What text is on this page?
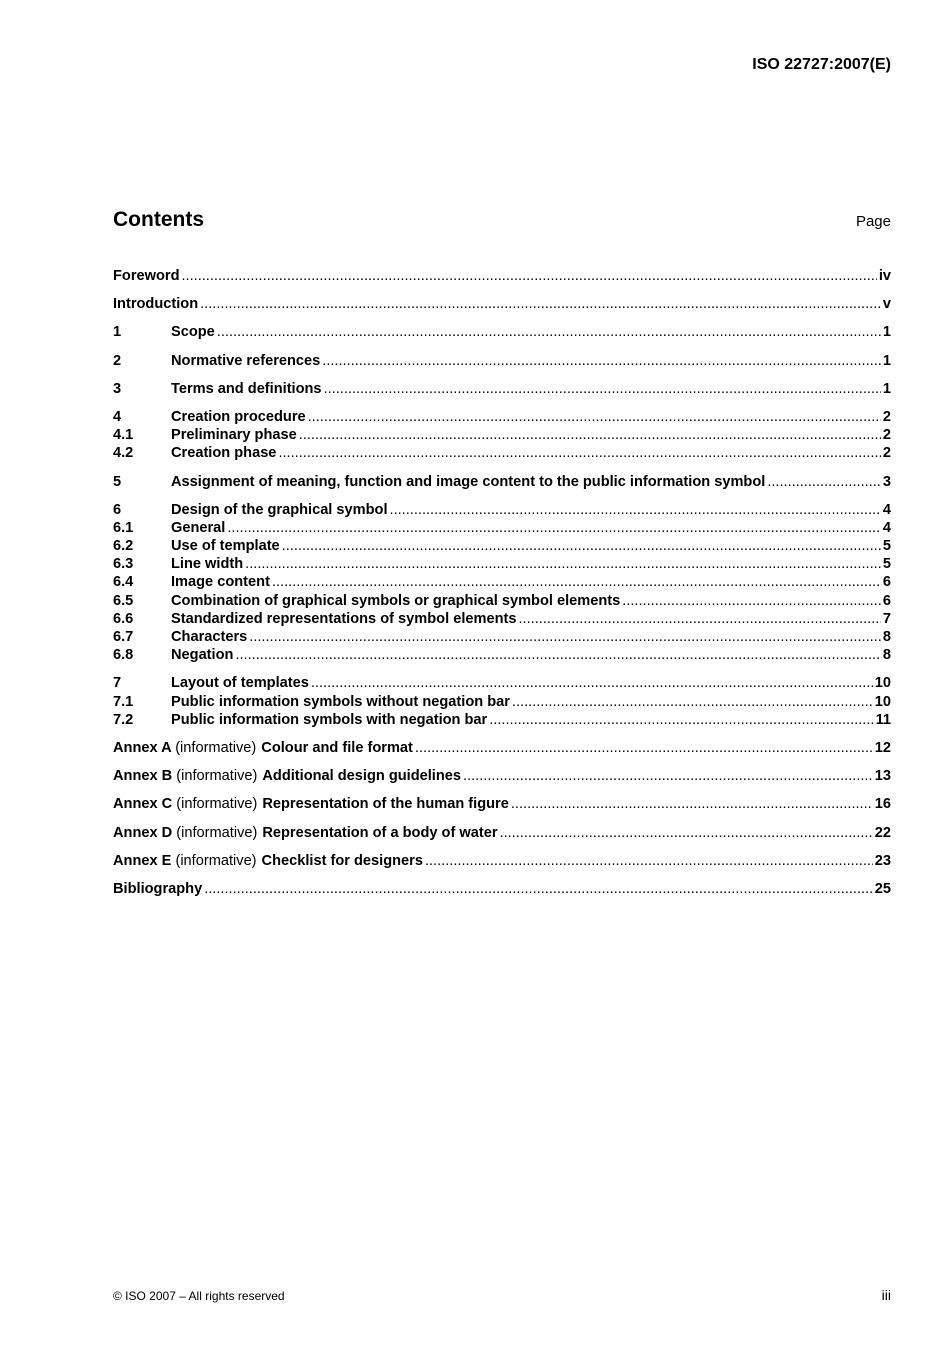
ISO 22727:2007(E)
Contents	Page
Foreword .....	iv
Introduction .....	v
1	Scope .....	1
2	Normative references .....	1
3	Terms and definitions .....	1
4	Creation procedure .....	2
4.1	Preliminary phase .....	2
4.2	Creation phase .....	2
5	Assignment of meaning, function and image content to the public information symbol .....	3
6	Design of the graphical symbol .....	4
6.1	General .....	4
6.2	Use of template .....	5
6.3	Line width .....	5
6.4	Image content .....	6
6.5	Combination of graphical symbols or graphical symbol elements .....	6
6.6	Standardized representations of symbol elements .....	7
6.7	Characters .....	8
6.8	Negation .....	8
7	Layout of templates .....	10
7.1	Public information symbols without negation bar .....	10
7.2	Public information symbols with negation bar .....	11
Annex A (informative) Colour and file format .....	12
Annex B (informative) Additional design guidelines .....	13
Annex C (informative) Representation of the human figure .....	16
Annex D (informative) Representation of a body of water .....	22
Annex E (informative) Checklist for designers .....	23
Bibliography .....	25
© ISO 2007 – All rights reserved	iii
